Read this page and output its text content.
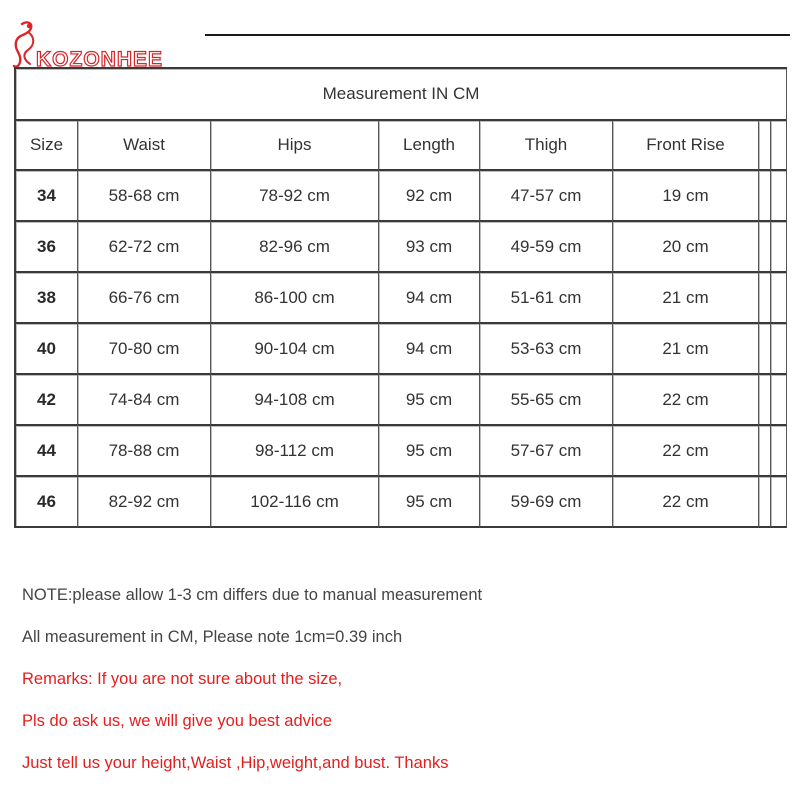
KOZONHEE
Measurement IN CM							
Size	Waist	Hips	Length	Thigh	Front Rise		
34	58-68 cm	78-92 cm	92 cm	47-57 cm	19 cm		
36	62-72 cm	82-96 cm	93 cm	49-59 cm	20 cm		
38	66-76 cm	86-100 cm	94 cm	51-61 cm	21 cm		
40	70-80 cm	90-104 cm	94 cm	53-63 cm	21 cm		
42	74-84 cm	94-108 cm	95 cm	55-65 cm	22 cm		
44	78-88 cm	98-112 cm	95 cm	57-67 cm	22 cm		
46	82-92 cm	102-116 cm	95 cm	59-69 cm	22 cm		
NOTE:please allow 1-3 cm differs due to manual measurement
All measurement in CM, Please note 1cm=0.39 inch
Remarks: If you are not sure about the size,
Pls do ask us, we will give you best advice
Just tell us your height,Waist ,Hip,weight,and bust. Thanks
